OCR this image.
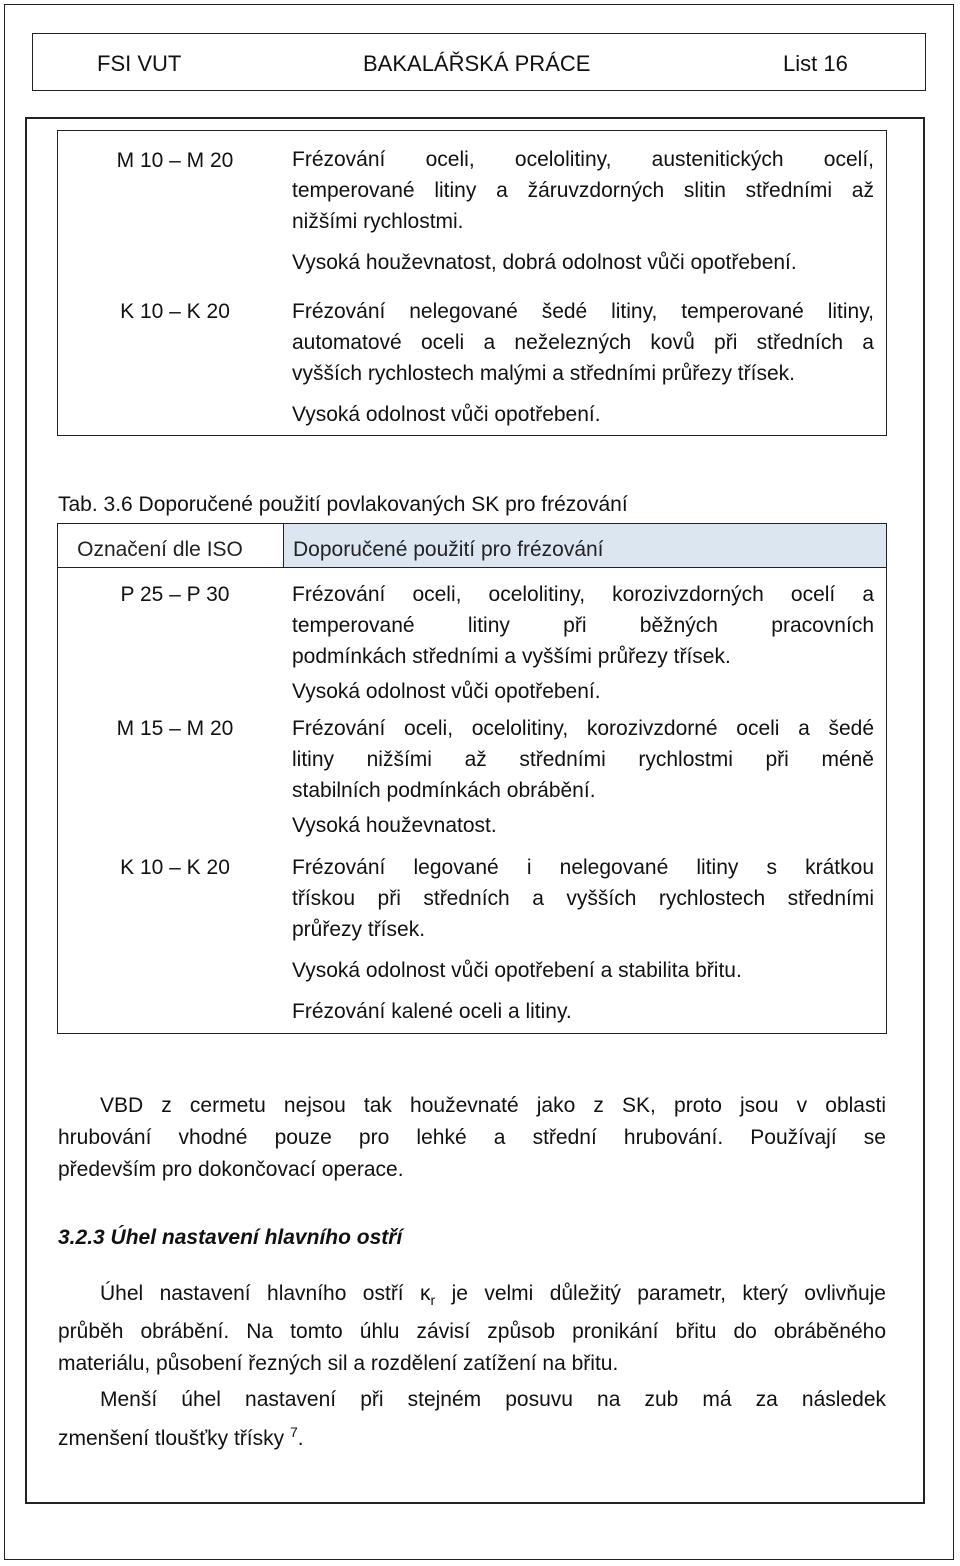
FSI VUT	BAKALÁŘSKÁ PRÁCE	List 16
M 10 – M 20	Frézování oceli, ocelolitiny, austenitických ocelí,

temperované litiny a žáruvzdorných slitin středními až

nižšími rychlostmi.

Vysoká houževnatost, dobrá odolnost vůči opotřebení.

K 10 – K 20	Frézování nelegované šedé litiny, temperované litiny,

automatové oceli a neželezných kovů při středních a

vyšších rychlostech malými a středními průřezy třísek.

Vysoká odolnost vůči opotřebení.

Tab. 3.6 Doporučené použití povlakovaných SK pro frézování
Označení dle ISO	Doporučené použití pro frézování
P 25 – P 30	Frézování oceli, ocelolitiny, korozivzdorných ocelí a

temperované litiny při běžných pracovních

podmínkách středními a vyššími průřezy třísek.

Vysoká odolnost vůči opotřebení.

M 15 – M 20	Frézování oceli, ocelolitiny, korozivzdorné oceli a šedé

litiny nižšími až středními rychlostmi při méně

stabilních podmínkách obrábění.

Vysoká houževnatost.

K 10 – K 20	Frézování legované i nelegované litiny s krátkou

třískou při středních a vyšších rychlostech středními

průřezy třísek.

Vysoká odolnost vůči opotřebení a stabilita břitu.

Frézování kalené oceli a litiny.

VBD z cermetu nejsou tak houževnaté jako z SK, proto jsou v oblasti

hrubování vhodné pouze pro lehké a střední hrubování. Používají se

především pro dokončovací operace.

3.2.3 Úhel nastavení hlavního ostří

Úhel nastavení hlavního ostří $\kappa_r$ je velmi důležitý parametr, který ovlivňuje

průběh obrábění. Na tomto úhlu závisí způsob pronikání břitu do obráběného

materiálu, působení řezných sil a rozdělení zatížení na břitu.

Menší úhel nastavení při stejném posuvu na zub má za následek

zmenšení tloušťky třísky $^7$.
